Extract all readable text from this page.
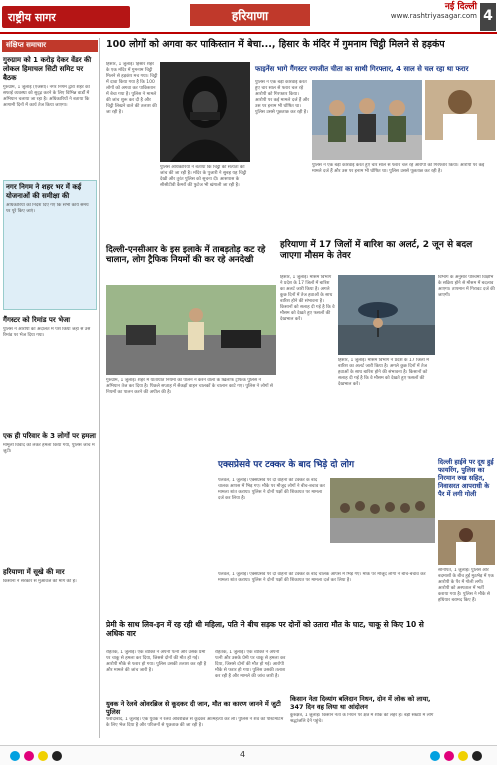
राष्ट्रीय सागर	हरियाणा
नई दिल्ली
www.rashtriyasagar.com 4
संक्षिप्त समाचार
गुरुग्राम को 1 करोड़ देकर वेंडर की लोकल हिमाचल सिटी समिट पर बैठक
गुरुग्राम, 1 जुलाई (एजेंसी)। नगर निगम द्वारा शहर की सफाई व्यवस्था को सुदृढ़ करने के लिए विभिन्न वार्डों में अभियान चलाया जा रहा है। अधिकारियों ने बताया कि आगामी दिनों में कार्य तेज किया जाएगा।
नगर निगम ने शहर भर में कई योजनाओं की समीक्षा की
अधिकारियों को निर्देश दिए गए कि सभी कार्य समय पर पूरे किए जाएं।
गैंगस्टर को रिमांड पर भेजा
पुलिस ने आरोपी को अदालत में पेश किया जहां से उसे रिमांड पर भेज दिया गया।
एक ही परिवार के 3 लोगों पर हमला
मामूली विवाद को लेकर हमला किया गया, पुलिस जांच में जुटी।
हरियाणा में सूखे की मार
किसानों ने सरकार से मुआवजे की मांग की है।
100 लोगों को अगवा कर पाकिस्तान में बेचा..., हिसार के मंदिर में गुमनाम चिट्ठी मिलने से हड़कंप
हिसार, 1 जुलाई। हिसार शहर के एक मंदिर में गुमनाम चिट्ठी मिलने से हड़कंप मच गया। चिट्ठी में दावा किया गया है कि 100 लोगों को अगवा कर पाकिस्तान में बेचा गया है। पुलिस ने मामले की जांच शुरू कर दी है और चिट्ठी लिखने वाले की तलाश की जा रही है।
पुलिस अधिकारियों ने बताया कि चिट्ठी की सत्यता की जांच की जा रही है। मंदिर के पुजारी ने सुबह यह चिट्ठी देखी और तुरंत पुलिस को सूचना दी। आसपास के सीसीटीवी कैमरों की फुटेज भी खंगाली जा रही है।
फाइनेंस भागे गैंगस्टर रणजीत चीता का साथी गिरफ्तार, 4 साल से चल रहा था फरार
पुलिस ने एक बड़ी कार्रवाई करते हुए चार साल से फरार चल रहे आरोपी को गिरफ्तार किया। आरोपी पर कई मामले दर्ज हैं और उस पर इनाम भी घोषित था। पुलिस उससे पूछताछ कर रही है।
पुलिस ने एक बड़ी कार्रवाई करते हुए चार साल से फरार चल रहे आरोपी को गिरफ्तार किया। आरोपी पर कई मामले दर्ज हैं और उस पर इनाम भी घोषित था। पुलिस उससे पूछताछ कर रही है।
दिल्ली-एनसीआर के इस इलाके में ताबड़तोड़ कट रहे चालान, लोग ट्रैफिक नियमों की कर रहे अनदेखी
गुरुग्राम, 1 जुलाई। शहर में यातायात नियमों का पालन न करने वालों के खिलाफ ट्रैफिक पुलिस ने अभियान तेज कर दिया है। पिछले सप्ताह में सैकड़ों वाहन चालकों के चालान काटे गए। पुलिस ने लोगों से नियमों का पालन करने की अपील की है।
हरियाणा में 17 जिलों में बारिश का अलर्ट, 2 जून से बदल जाएगा मौसम के तेवर
हिसार, 1 जुलाई। मौसम विभाग ने प्रदेश के 17 जिलों में बारिश का अलर्ट जारी किया है। अगले कुछ दिनों में तेज हवाओं के साथ बारिश होने की संभावना है। किसानों को सलाह दी गई है कि वे मौसम को देखते हुए फसलों की देखभाल करें।
हिसार, 1 जुलाई। मौसम विभाग ने प्रदेश के 17 जिलों में बारिश का अलर्ट जारी किया है। अगले कुछ दिनों में तेज हवाओं के साथ बारिश होने की संभावना है। किसानों को सलाह दी गई है कि वे मौसम को देखते हुए फसलों की देखभाल करें।
विभाग के अनुसार पश्चिमी विक्षोभ के सक्रिय होने से मौसम में बदलाव आएगा। तापमान में गिरावट दर्ज की जाएगी।
एक्सप्रेसवे पर टक्कर के बाद भिड़े दो लोग
पलवल, 1 जुलाई। एक्सप्रेसवे पर दो वाहनों की टक्कर के बाद चालक आपस में भिड़ गए। मौके पर मौजूद लोगों ने बीच-बचाव कर मामला शांत कराया। पुलिस ने दोनों पक्षों की शिकायत पर मामला दर्ज कर लिया है।
पलवल, 1 जुलाई। एक्सप्रेसवे पर दो वाहनों की टक्कर के बाद चालक आपस में भिड़ गए। मौके पर मौजूद लोगों ने बीच-बचाव कर मामला शांत कराया। पुलिस ने दोनों पक्षों की शिकायत पर मामला दर्ज कर लिया है।
दिल्ली हाईवे पर दूध हुई फायरिंग, पुलिस का निरमान रुख सहित, निवासरत आपराधी के पैर में लगी गोली
सोनीपत, 1 जुलाई। पुलिस और बदमाशों के बीच हुई मुठभेड़ में एक आरोपी के पैर में गोली लगी। आरोपी को अस्पताल में भर्ती कराया गया है। पुलिस ने मौके से हथियार बरामद किए हैं।
प्रेमी के साथ लिव-इन में रह रही थी महिला, पति ने बीच सड़क पर दोनों को उतारा मौत के घाट, चाकू से किए 10 से अधिक वार
रोहतक, 1 जुलाई। एक व्यक्ति ने अपनी पत्नी और उसके प्रेमी पर चाकू से हमला कर दिया, जिससे दोनों की मौत हो गई। आरोपी मौके से फरार हो गया। पुलिस उसकी तलाश कर रही है और मामले की जांच जारी है।
रोहतक, 1 जुलाई। एक व्यक्ति ने अपनी पत्नी और उसके प्रेमी पर चाकू से हमला कर दिया, जिससे दोनों की मौत हो गई। आरोपी मौके से फरार हो गया। पुलिस उसकी तलाश कर रही है और मामले की जांच जारी है।
युवक ने रेलवे ओवरब्रिज से कूदकर दी जान, मौत का कारण जानने में जुटी पुलिस
फरीदाबाद, 1 जुलाई। एक युवक ने रेलवे ओवरब्रिज से कूदकर आत्महत्या कर ली। पुलिस ने शव को पोस्टमार्टम के लिए भेज दिया है और परिजनों से पूछताछ की जा रही है।
किसान नेता दिव्यांग बलिदान निधन, दोन में लोक को लाया, 347 दिन वह लिया था आंदोलन
कुरुक्षेत्र, 1 जुलाई। किसान नेता के निधन पर क्षेत्र में शोक की लहर है। बड़ी संख्या में लोग श्रद्धांजलि देने पहुंचे।
4
